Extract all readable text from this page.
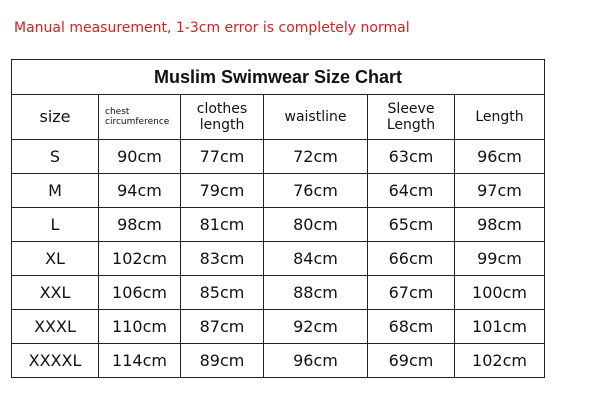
Manual measurement, 1-3cm error is completely normal
Muslim Swimwear Size Chart					
size	chest circumference	clothes length	waistline	Sleeve Length	Length
S	90cm	77cm	72cm	63cm	96cm
M	94cm	79cm	76cm	64cm	97cm
L	98cm	81cm	80cm	65cm	98cm
XL	102cm	83cm	84cm	66cm	99cm
XXL	106cm	85cm	88cm	67cm	100cm
XXXL	110cm	87cm	92cm	68cm	101cm
XXXXL	114cm	89cm	96cm	69cm	102cm
